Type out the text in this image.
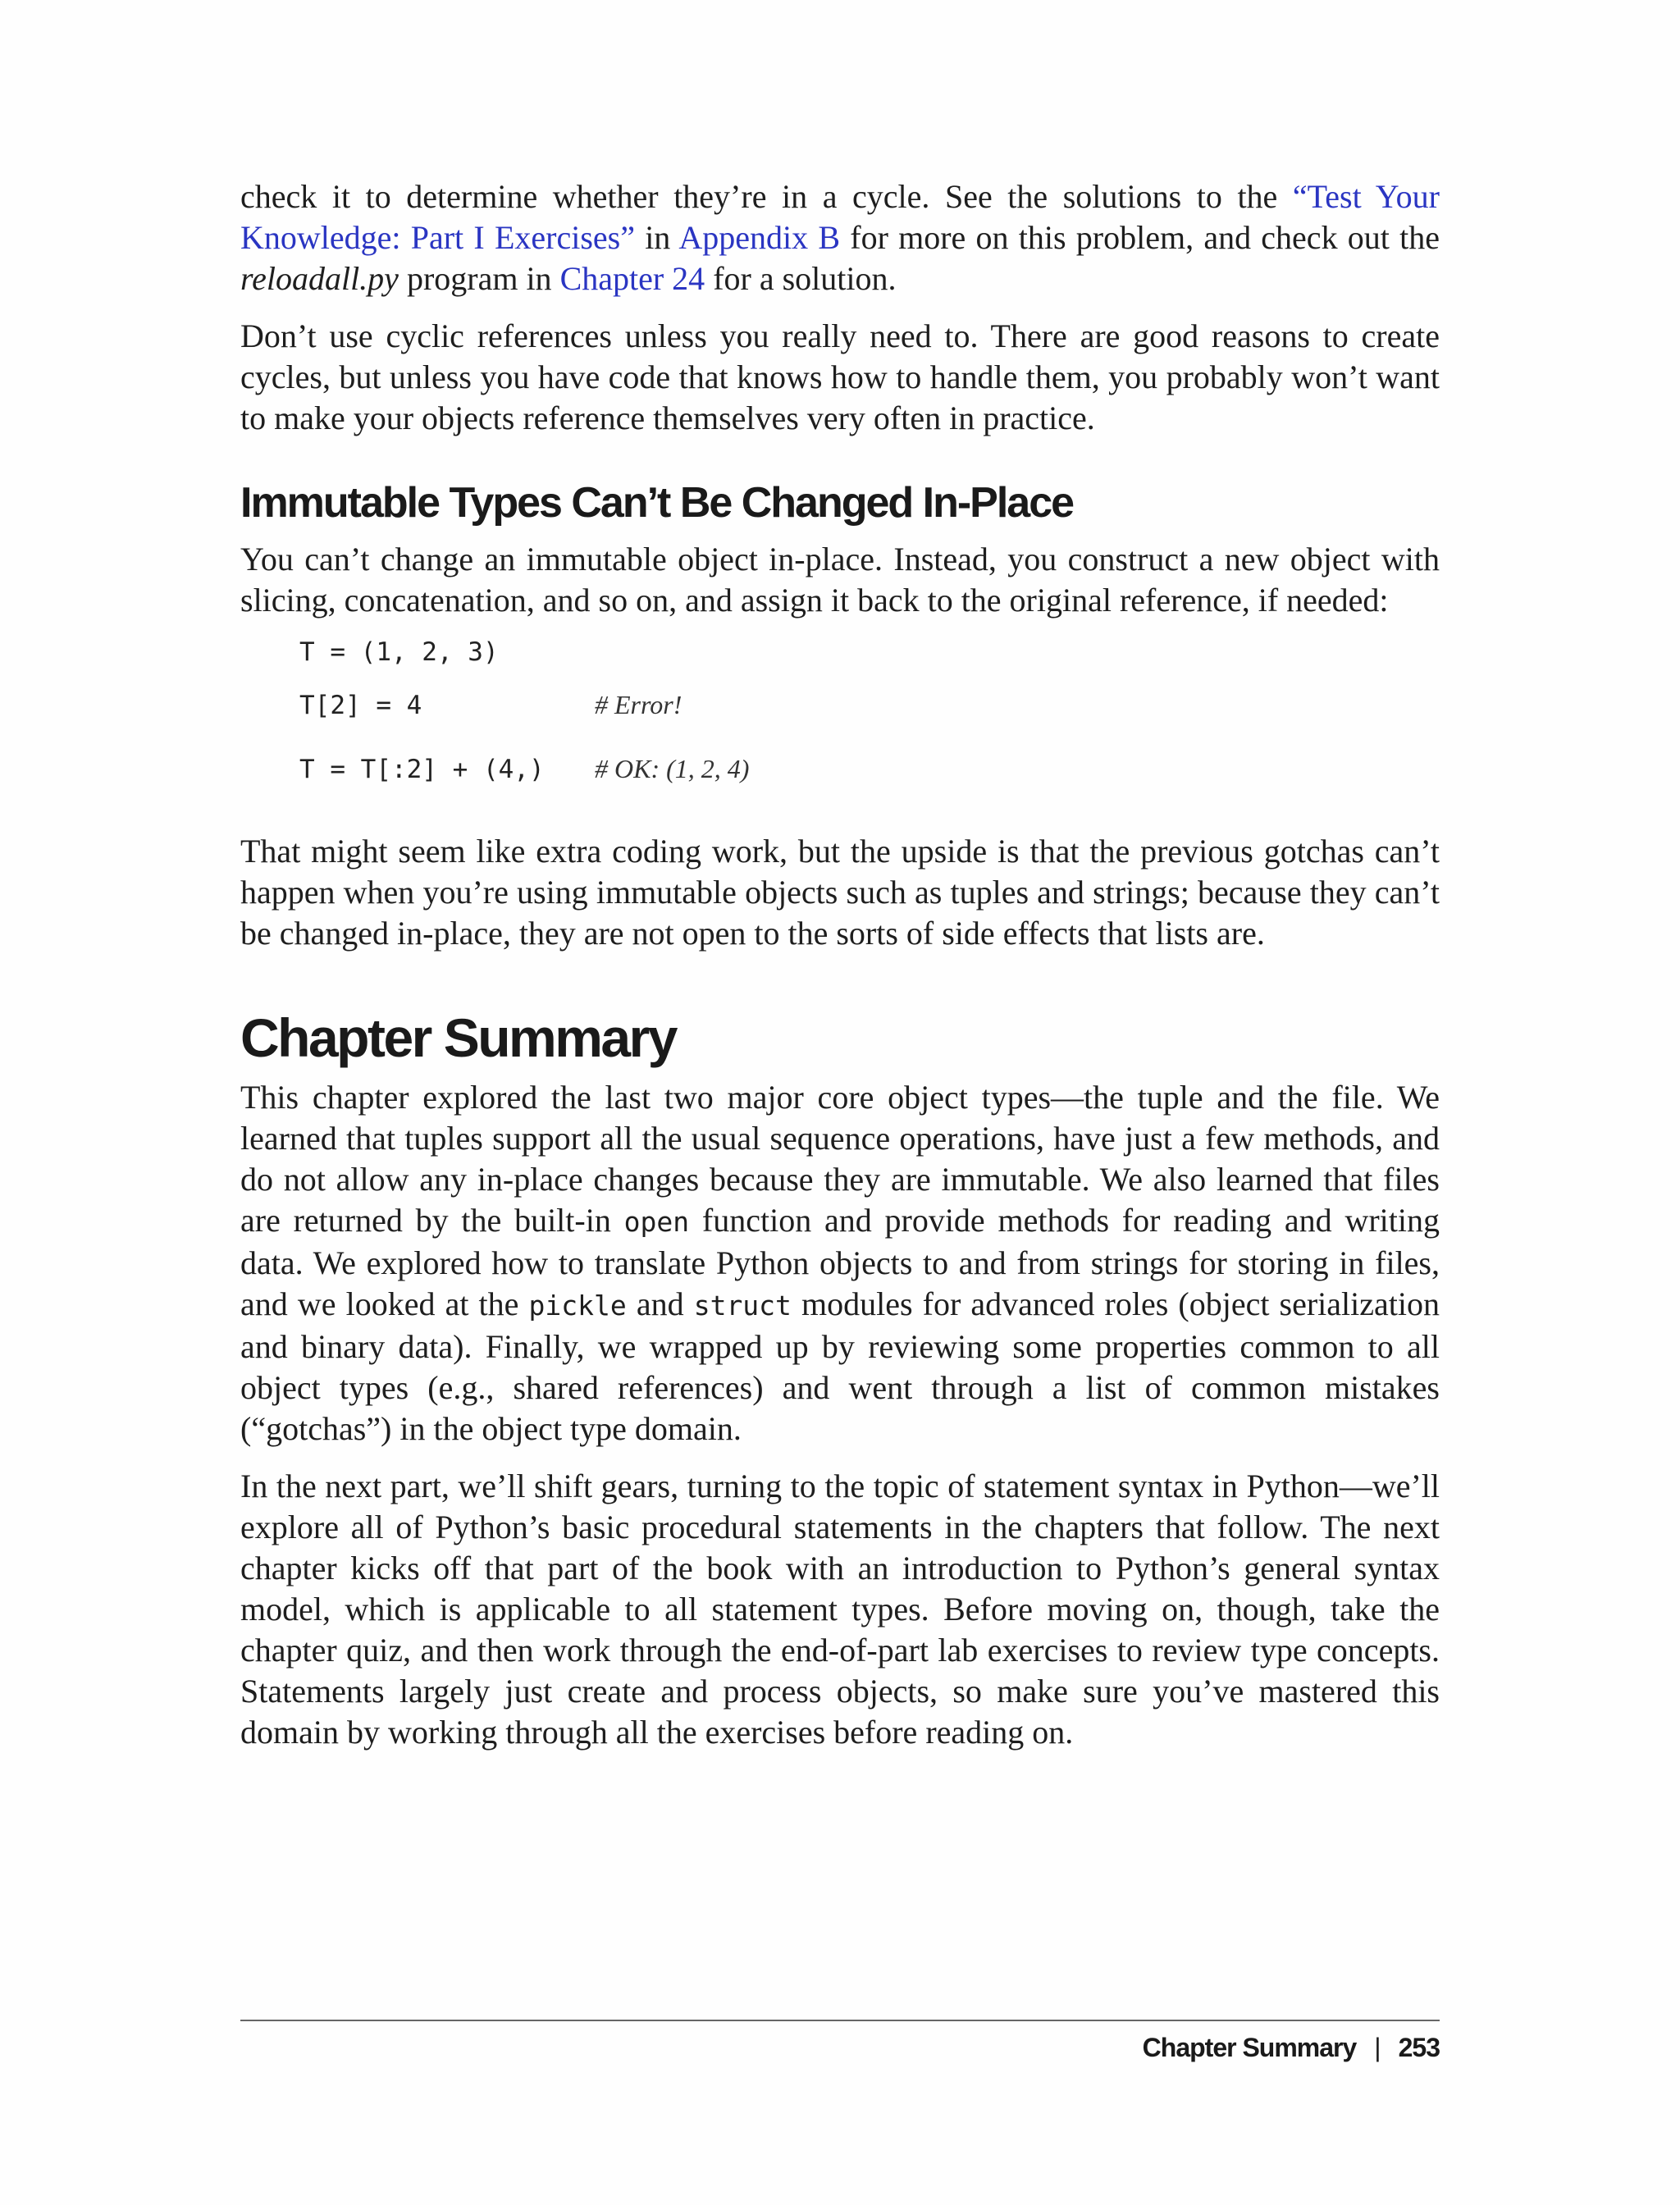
check it to determine whether they’re in a cycle. See the solutions to the “Test Your Knowledge: Part I Exercises” in Appendix B for more on this problem, and check out the reloadall.py program in Chapter 24 for a solution.

Don’t use cyclic references unless you really need to. There are good reasons to create cycles, but unless you have code that knows how to handle them, you probably won’t want to make your objects reference themselves very often in practice.

Immutable Types Can’t Be Changed In-Place

You can’t change an immutable object in-place. Instead, you construct a new object with slicing, concatenation, and so on, and assign it back to the original reference, if needed:

T = (1, 2, 3)
T[2] = 4	# Error!
T = T[:2] + (4,)	# OK: (1, 2, 4)

That might seem like extra coding work, but the upside is that the previous gotchas can’t happen when you’re using immutable objects such as tuples and strings; because they can’t be changed in-place, they are not open to the sorts of side effects that lists are.

Chapter Summary

This chapter explored the last two major core object types—the tuple and the file. We learned that tuples support all the usual sequence operations, have just a few methods, and do not allow any in-place changes because they are immutable. We also learned that files are returned by the built-in open function and provide methods for reading and writing data. We explored how to translate Python objects to and from strings for storing in files, and we looked at the pickle and struct modules for advanced roles (object serialization and binary data). Finally, we wrapped up by reviewing some properties common to all object types (e.g., shared references) and went through a list of common mistakes (“gotchas”) in the object type domain.

In the next part, we’ll shift gears, turning to the topic of statement syntax in Python—we’ll explore all of Python’s basic procedural statements in the chapters that follow. The next chapter kicks off that part of the book with an introduction to Python’s general syntax model, which is applicable to all statement types. Before moving on, though, take the chapter quiz, and then work through the end-of-part lab exercises to review type concepts. Statements largely just create and process objects, so make sure you’ve mastered this domain by working through all the exercises before reading on.

Chapter Summary | 253
